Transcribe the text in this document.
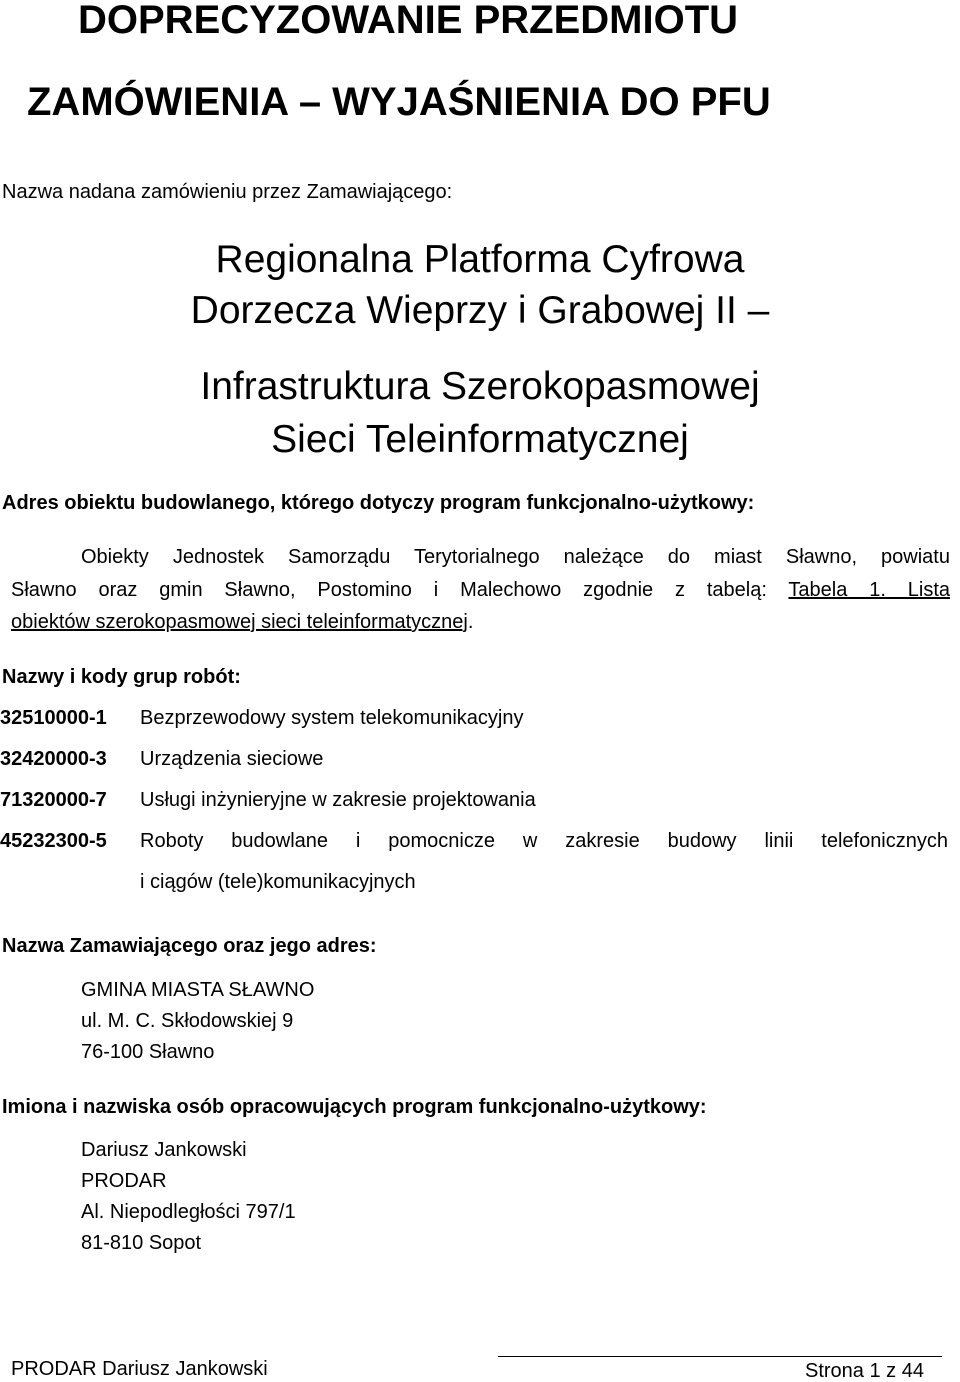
DOPRECYZOWANIE PRZEDMIOTU
ZAMÓWIENIA – WYJAŚNIENIA DO PFU
Nazwa nadana zamówieniu przez Zamawiającego:
Regionalna Platforma Cyfrowa
Dorzecza Wieprzy i Grabowej II –
Infrastruktura Szerokopasmowej
Sieci Teleinformatycznej
Adres obiektu budowlanego, którego dotyczy program funkcjonalno-użytkowy:
Obiekty Jednostek Samorządu Terytorialnego należące do miast Sławno, powiatu
Sławno oraz gmin Sławno, Postomino i Malechowo zgodnie z tabelą: Tabela 1. Lista
obiektów szerokopasmowej sieci teleinformatycznej.
Nazwy i kody grup robót:
32510000-1 Bezprzewodowy system telekomunikacyjny
32420000-3 Urządzenia sieciowe
71320000-7 Usługi inżynieryjne w zakresie projektowania
45232300-5 Roboty budowlane i pomocnicze w zakresie budowy linii telefonicznych
i ciągów (tele)komunikacyjnych
Nazwa Zamawiającego oraz jego adres:
GMINA MIASTA SŁAWNO
ul. M. C. Skłodowskiej 9
76-100 Sławno
Imiona i nazwiska osób opracowujących program funkcjonalno-użytkowy:
Dariusz Jankowski
PRODAR
Al. Niepodległości 797/1
81-810 Sopot
PRODAR Dariusz Jankowski	Strona 1 z 44
